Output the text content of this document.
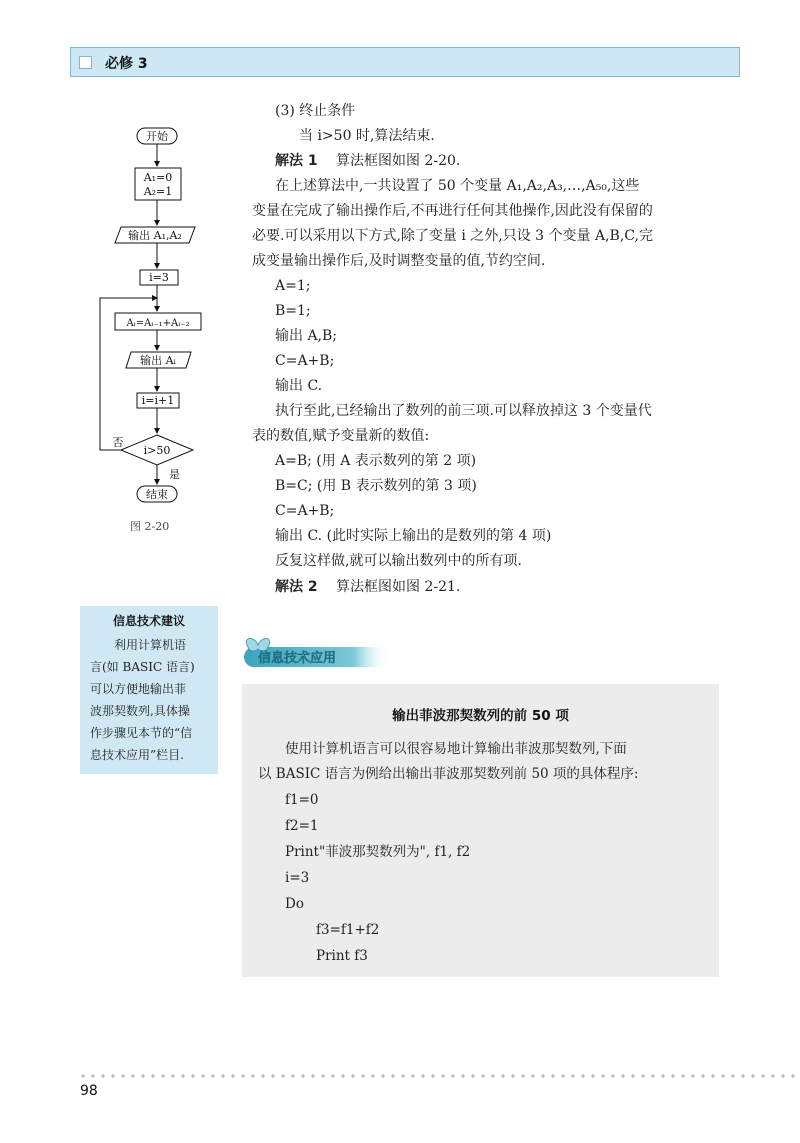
必修 3
开始
A₁=0
A₂=1
输出 A₁,A₂
i=3
Aᵢ=Aᵢ₋₁+Aᵢ₋₂
输出 Aᵢ
i=i+1
i>50
否
是
结束
图 2-20
(3) 终止条件
当 i>50 时,算法结束.
解法 1 算法框图如图 2-20.
在上述算法中,一共设置了 50 个变量 A₁,A₂,A₃,…,A₅₀,这些
变量在完成了输出操作后,不再进行任何其他操作,因此没有保留的
必要.可以采用以下方式,除了变量 i 之外,只设 3 个变量 A,B,C,完
成变量输出操作后,及时调整变量的值,节约空间.
A=1;
B=1;
输出 A,B;
C=A+B;
输出 C.
执行至此,已经输出了数列的前三项.可以释放掉这 3 个变量代
表的数值,赋予变量新的数值:
A=B; (用 A 表示数列的第 2 项)
B=C; (用 B 表示数列的第 3 项)
C=A+B;
输出 C. (此时实际上输出的是数列的第 4 项)
反复这样做,就可以输出数列中的所有项.
解法 2 算法框图如图 2-21.
信息技术建议
利用计算机语
言(如 BASIC 语言)
可以方便地输出菲
波那契数列,具体操
作步骤见本节的“信
息技术应用”栏目.
信息技术应用
输出菲波那契数列的前 50 项
使用计算机语言可以很容易地计算输出菲波那契数列,下面
以 BASIC 语言为例给出输出菲波那契数列前 50 项的具体程序:
f1=0
f2=1
Print"菲波那契数列为", f1, f2
i=3
Do
f3=f1+f2
Print f3
98
